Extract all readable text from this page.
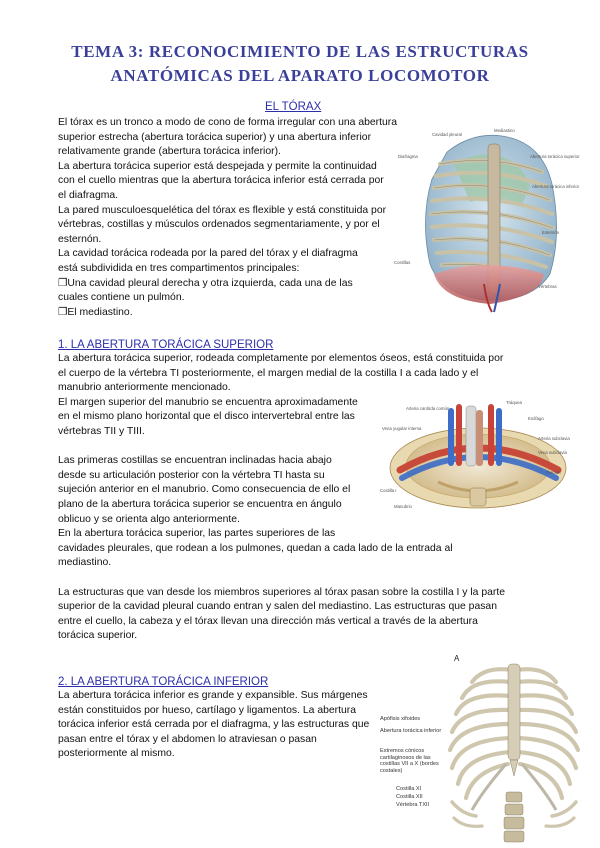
TEMA 3: RECONOCIMIENTO DE LAS ESTRUCTURAS
ANATÓMICAS DEL APARATO LOCOMOTOR
EL TÓRAX
El tórax es un tronco a modo de cono de forma irregular con una abertura
superior estrecha (abertura torácica superior) y una abertura inferior
relativamente grande (abertura torácica inferior).
La abertura torácica superior está despejada y permite la continuidad
con el cuello mientras que la abertura torácica inferior está cerrada por
el diafragma.
La pared musculoesquelética del tórax es flexible y está constituida por
vértebras, costillas y músculos ordenados segmentariamente, y por el
esternón.
La cavidad torácica rodeada por la pared del tórax y el diafragma
está subdividida en tres compartimentos principales:
❐Una cavidad pleural derecha y otra izquierda, cada una de las
cuales contiene un pulmón.
❐El mediastino.
Cavidad pleural
Mediastino
Diafragma	Abertura torácica superior
Abertura torácica inferior
Esternón
Costillas
Vértebras
1. LA ABERTURA TORÁCICA SUPERIOR
La abertura torácica superior, rodeada completamente por elementos óseos, está constituida por
el cuerpo de la vértebra TI posteriormente, el margen medial de la costilla I a cada lado y el
manubrio anteriormente mencionado.
El margen superior del manubrio se encuentra aproximadamente
en el mismo plano horizontal que el disco intervertebral entre las
vértebras TII y TIII.

Las primeras costillas se encuentran inclinadas hacia abajo
desde su articulación posterior con la vértebra TI hasta su
sujeción anterior en el manubrio. Como consecuencia de ello el
plano de la abertura torácica superior se encuentra en ángulo
oblicuo y se orienta algo anteriormente.
En la abertura torácica superior, las partes superiores de las
cavidades pleurales, que rodean a los pulmones, quedan a cada lado de la entrada al
mediastino.

La estructuras que van desde los miembros superiores al tórax pasan sobre la costilla I y la parte
superior de la cavidad pleural cuando entran y salen del mediastino. Las estructuras que pasan
entre el cuello, la cabeza y el tórax llevan una dirección más vertical a través de la abertura
torácica superior.
Arteria carótida común
Tráquea
Esófago
Vena yugular interna
Arteria subclavia
Vena subclavia
Pulmón
Costilla I
Manubrio
2. LA ABERTURA TORÁCICA INFERIOR
La abertura torácica inferior es grande y expansible. Sus márgenes
están constituidos por hueso, cartílago y ligamentos. La abertura
torácica inferior está cerrada por el diafragma, y las estructuras que
pasan entre el tórax y el abdomen lo atraviesan o pasan
posteriormente al mismo.
A
Apófisis xifoides
Abertura torácica inferior
Extremos cónicos cartilaginosos de las costillas VII a X (bordes costales)
Costilla XI
Costilla XII
Vértebra TXII
